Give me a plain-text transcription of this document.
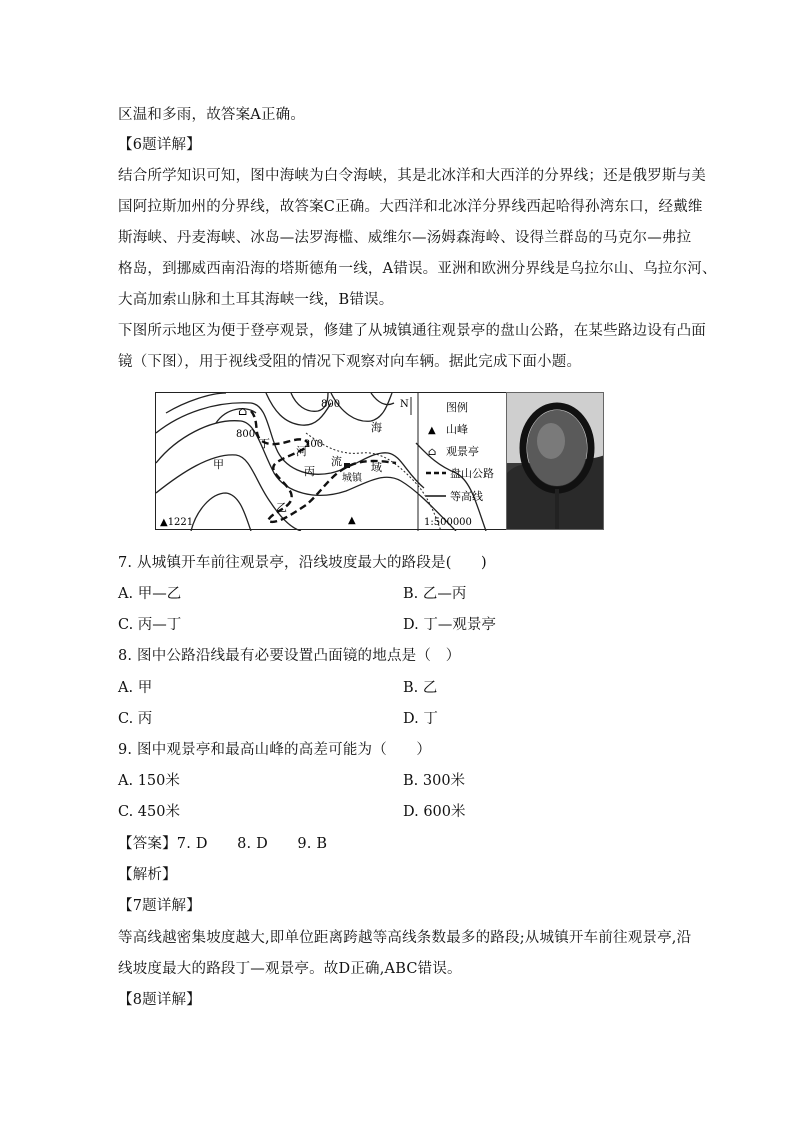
区温和多雨，故答案A正确。
【6题详解】
结合所学知识可知，图中海峡为白令海峡，其是北冰洋和大西洋的分界线；还是俄罗斯与美
国阿拉斯加州的分界线，故答案C正确。大西洋和北冰洋分界线西起哈得孙湾东口，经戴维
斯海峡、丹麦海峡、冰岛—法罗海槛、威维尔—汤姆森海岭、设得兰群岛的马克尔—弗拉
格岛，到挪威西南沿海的塔斯德角一线，A错误。亚洲和欧洲分界线是乌拉尔山、乌拉尔河、
大高加索山脉和土耳其海峡一线，B错误。
下图所示地区为便于登亭观景，修建了从城镇通往观景亭的盘山公路，在某些路边设有凸面
镜（下图），用于视线受阻的情况下观察对向车辆。据此完成下面小题。
⌂
800
800
200
甲
乙
丙
丁
河
流
海
域
城镇
▲1221	▲	1:500000
N	图例
▲ 山峰
⌂ 观景亭
盘山公路
等高线
7. 从城镇开车前往观景亭，沿线坡度最大的路段是(　　)
A. 甲—乙	B. 乙—丙
C. 丙—丁	D. 丁—观景亭
8. 图中公路沿线最有必要设置凸面镜的地点是（　）
A. 甲	B. 乙
C. 丙	D. 丁
9. 图中观景亭和最高山峰的高差可能为（　　）
A. 150米	B. 300米
C. 450米	D. 600米
【答案】7. D　　8. D　　9. B
【解析】
【7题详解】
等高线越密集坡度越大,即单位距离跨越等高线条数最多的路段;从城镇开车前往观景亭,沿
线坡度最大的路段丁—观景亭。故D正确,ABC错误。
【8题详解】
